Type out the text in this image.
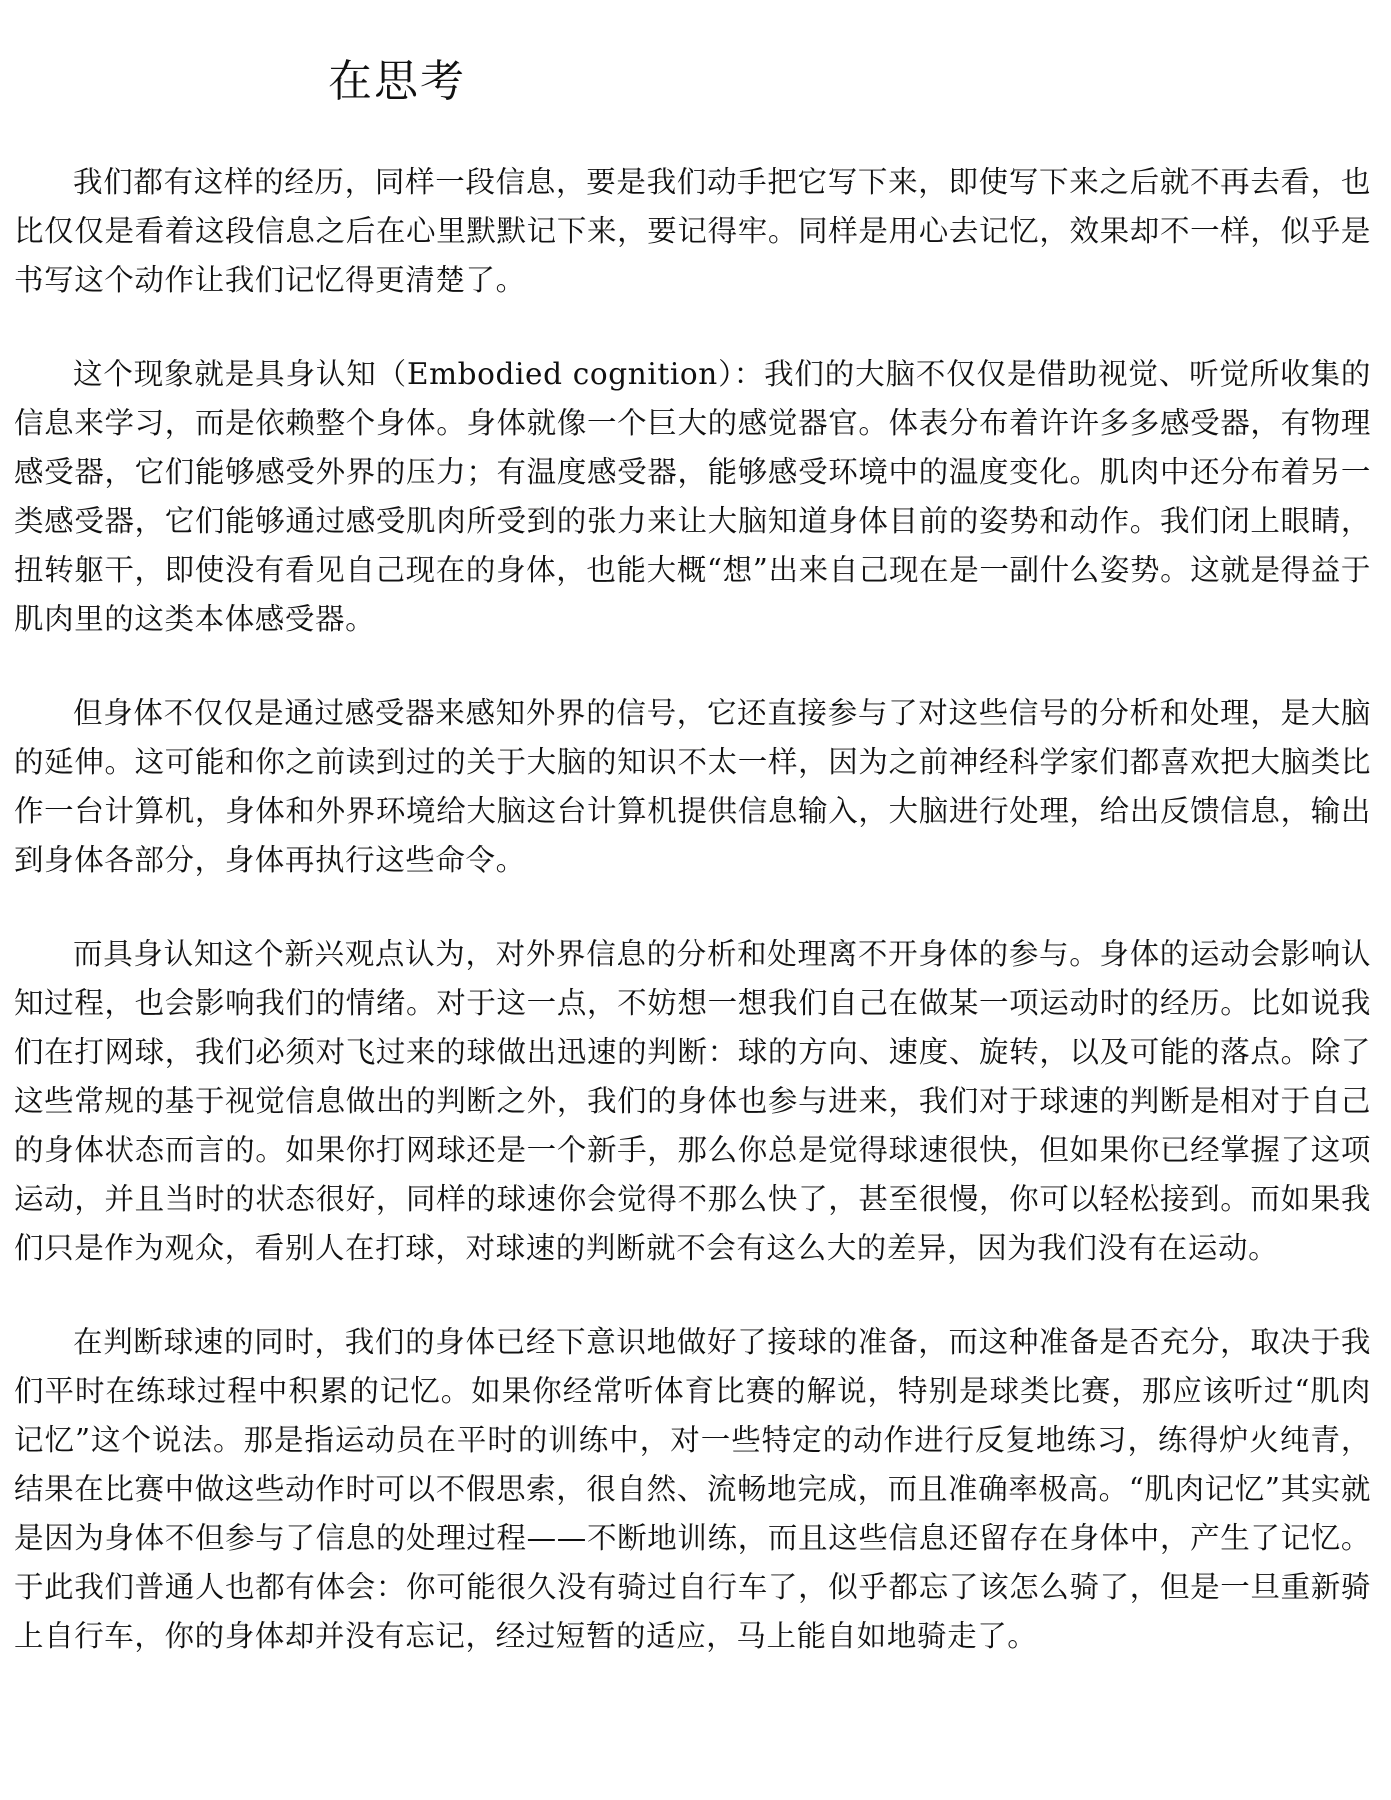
在思考

我们都有这样的经历，同样一段信息，要是我们动手把它写下来，即使写下来之后就不再去看，也比仅仅是看着这段信息之后在心里默默记下来，要记得牢。同样是用心去记忆，效果却不一样，似乎是书写这个动作让我们记忆得更清楚了。

这个现象就是具身认知（Embodied cognition）：我们的大脑不仅仅是借助视觉、听觉所收集的信息来学习，而是依赖整个身体。身体就像一个巨大的感觉器官。体表分布着许许多多感受器，有物理感受器，它们能够感受外界的压力；有温度感受器，能够感受环境中的温度变化。肌肉中还分布着另一类感受器，它们能够通过感受肌肉所受到的张力来让大脑知道身体目前的姿势和动作。我们闭上眼睛，扭转躯干，即使没有看见自己现在的身体，也能大概“想”出来自己现在是一副什么姿势。这就是得益于肌肉里的这类本体感受器。

但身体不仅仅是通过感受器来感知外界的信号，它还直接参与了对这些信号的分析和处理，是大脑的延伸。这可能和你之前读到过的关于大脑的知识不太一样，因为之前神经科学家们都喜欢把大脑类比作一台计算机，身体和外界环境给大脑这台计算机提供信息输入，大脑进行处理，给出反馈信息，输出到身体各部分，身体再执行这些命令。

而具身认知这个新兴观点认为，对外界信息的分析和处理离不开身体的参与。身体的运动会影响认知过程，也会影响我们的情绪。对于这一点，不妨想一想我们自己在做某一项运动时的经历。比如说我们在打网球，我们必须对飞过来的球做出迅速的判断：球的方向、速度、旋转，以及可能的落点。除了这些常规的基于视觉信息做出的判断之外，我们的身体也参与进来，我们对于球速的判断是相对于自己的身体状态而言的。如果你打网球还是一个新手，那么你总是觉得球速很快，但如果你已经掌握了这项运动，并且当时的状态很好，同样的球速你会觉得不那么快了，甚至很慢，你可以轻松接到。而如果我们只是作为观众，看别人在打球，对球速的判断就不会有这么大的差异，因为我们没有在运动。

在判断球速的同时，我们的身体已经下意识地做好了接球的准备，而这种准备是否充分，取决于我们平时在练球过程中积累的记忆。如果你经常听体育比赛的解说，特别是球类比赛，那应该听过“肌肉记忆”这个说法。那是指运动员在平时的训练中，对一些特定的动作进行反复地练习，练得炉火纯青，结果在比赛中做这些动作时可以不假思索，很自然、流畅地完成，而且准确率极高。“肌肉记忆”其实就是因为身体不但参与了信息的处理过程——不断地训练，而且这些信息还留存在身体中，产生了记忆。于此我们普通人也都有体会：你可能很久没有骑过自行车了，似乎都忘了该怎么骑了，但是一旦重新骑上自行车，你的身体却并没有忘记，经过短暂的适应，马上能自如地骑走了。
